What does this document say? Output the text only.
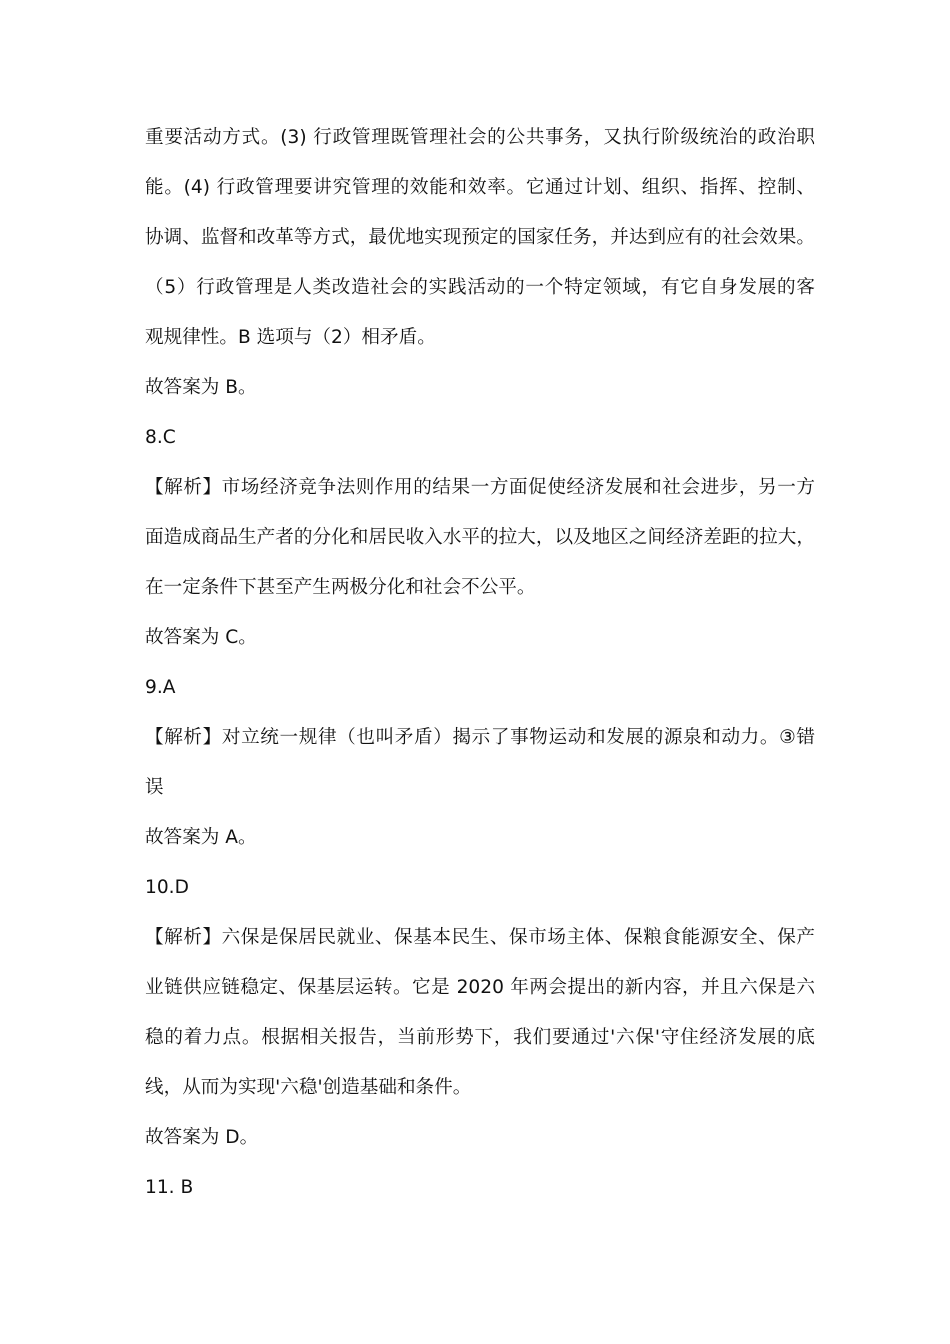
重要活动方式。(3) 行政管理既管理社会的公共事务，又执行阶级统治的政治职
能。(4) 行政管理要讲究管理的效能和效率。它通过计划、组织、指挥、控制、
协调、监督和改革等方式，最优地实现预定的国家任务，并达到应有的社会效果。
（5）行政管理是人类改造社会的实践活动的一个特定领域，有它自身发展的客
观规律性。B 选项与（2）相矛盾。
故答案为 B。
8.C
【解析】市场经济竞争法则作用的结果一方面促使经济发展和社会进步，另一方
面造成商品生产者的分化和居民收入水平的拉大，以及地区之间经济差距的拉大，
在一定条件下甚至产生两极分化和社会不公平。
故答案为 C。
9.A
【解析】对立统一规律（也叫矛盾）揭示了事物运动和发展的源泉和动力。③错
误
故答案为 A。
10.D
【解析】六保是保居民就业、保基本民生、保市场主体、保粮食能源安全、保产
业链供应链稳定、保基层运转。它是 2020 年两会提出的新内容，并且六保是六
稳的着力点。根据相关报告，当前形势下，我们要通过'六保'守住经济发展的底
线，从而为实现'六稳'创造基础和条件。
故答案为 D。
11. B
